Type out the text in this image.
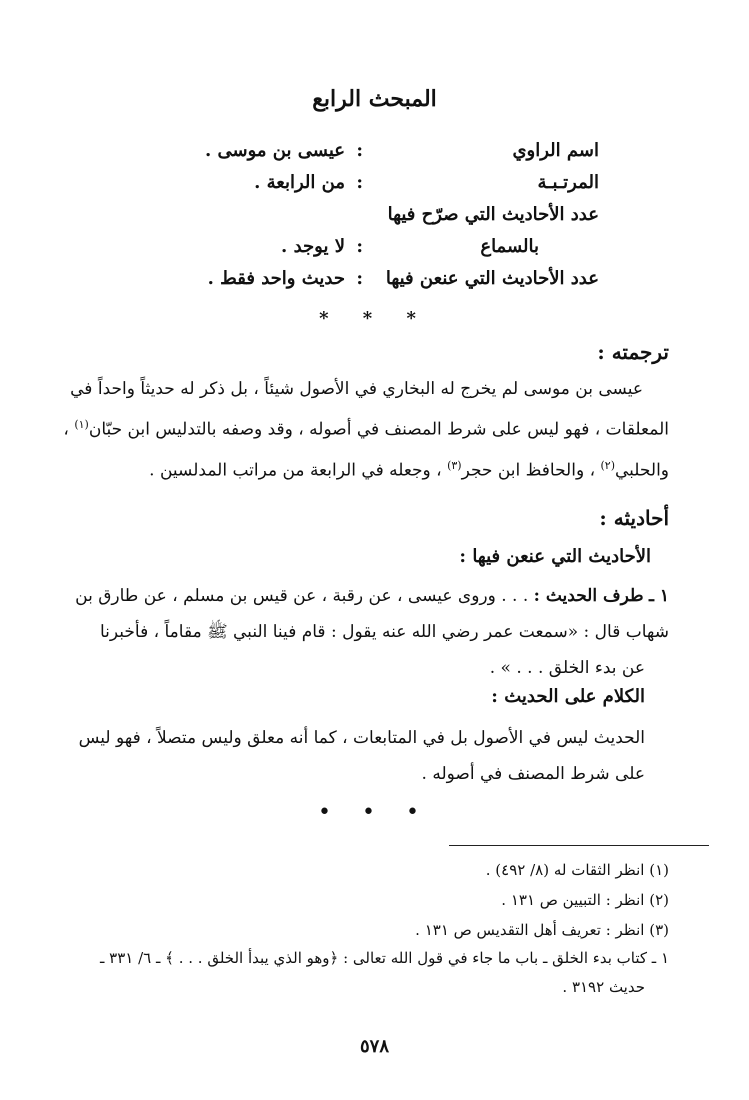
المبحث الرابع
اسم الراوي
:
عيسى بن موسى .
المرتـبـة
:
من الرابعة .
عدد الأحاديث التي صرّح فيها
بالسماع
:
لا يوجد .
عدد الأحاديث التي عنعن فيها
:
حديث واحد فقط .
* * *
ترجمته :

عيسى بن موسى لم يخرج له البخاري في الأصول شيئاً ، بل ذكر له حديثاً واحداً في

المعلقات ، فهو ليس على شرط المصنف في أصوله ، وقد وصفه بالتدليس ابن حبّان$^{(١)}$ ،

والحلبي$^{(٢)}$ ، والحافظ ابن حجر$^{(٣)}$ ، وجعله في الرابعة من مراتب المدلسين .

أحاديثه :
الأحاديث التي عنعن فيها :
١ ـ طرف الحديث : . . . وروى عيسى ، عن رقبة ، عن قيس بن مسلم ، عن طارق بن
شهاب قال : «سمعت عمر رضي الله عنه يقول : قام فينا النبي ﷺ مقاماً ، فأخبرنا
عن بدء الخلق . . . » .
الكلام على الحديث :
الحديث ليس في الأصول بل في المتابعات ، كما أنه معلق وليس متصلاً ، فهو ليس
على شرط المصنف في أصوله .
• • •
(١) انظر الثقات له (٨/ ٤٩٢) .
(٢) انظر : التبيين ص ١٣١ .
(٣) انظر : تعريف أهل التقديس ص ١٣١ .
١ ـ كتاب بدء الخلق ـ باب ما جاء في قول الله تعالى : ﴿وهو الذي يبدأ الخلق . . . ﴾ ـ ٦/ ٣٣١ ـ
حديث ٣١٩٢ .
٥٧٨
